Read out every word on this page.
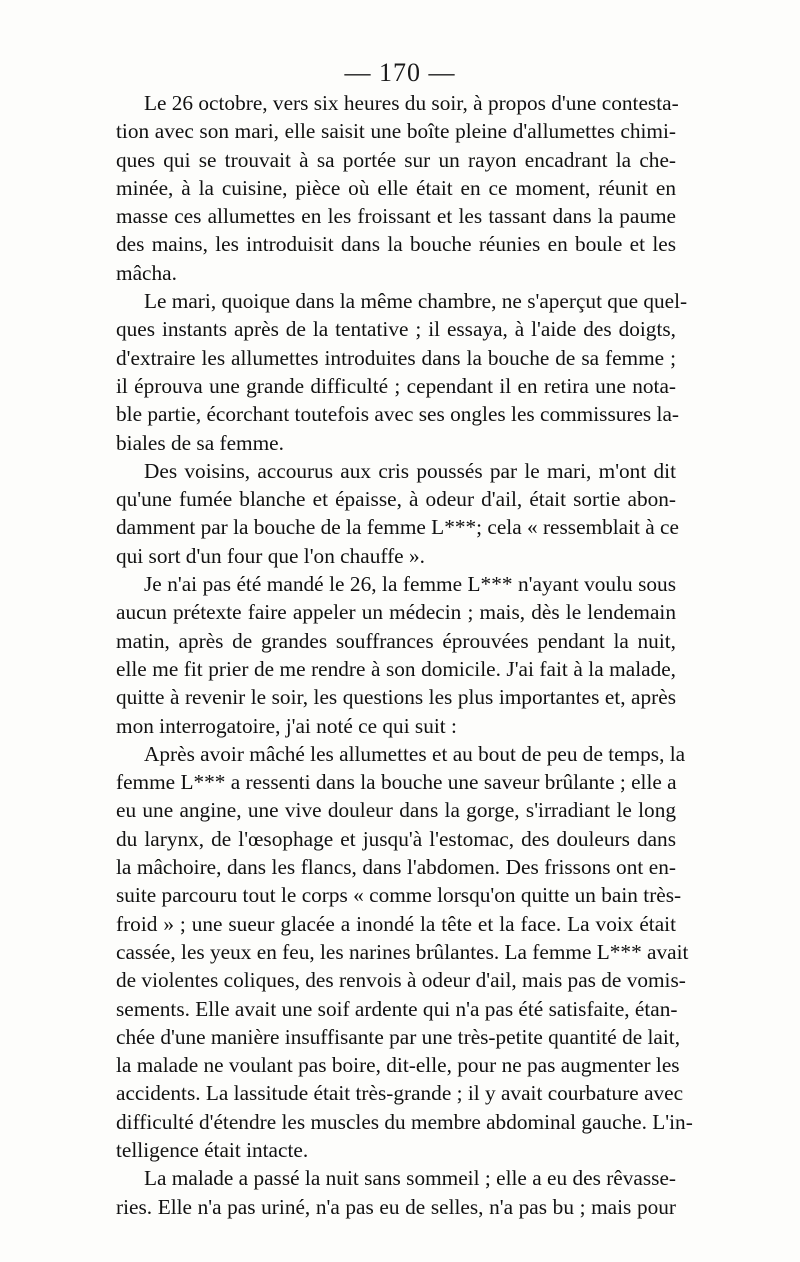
— 170 —
Le 26 octobre, vers six heures du soir, à propos d'une contesta-
tion avec son mari, elle saisit une boîte pleine d'allumettes chimi-
ques qui se trouvait à sa portée sur un rayon encadrant la che-
minée, à la cuisine, pièce où elle était en ce moment, réunit en
masse ces allumettes en les froissant et les tassant dans la paume
des mains, les introduisit dans la bouche réunies en boule et les
mâcha.
Le mari, quoique dans la même chambre, ne s'aperçut que quel-
ques instants après de la tentative ; il essaya, à l'aide des doigts,
d'extraire les allumettes introduites dans la bouche de sa femme ;
il éprouva une grande difficulté ; cependant il en retira une nota-
ble partie, écorchant toutefois avec ses ongles les commissures la-
biales de sa femme.
Des voisins, accourus aux cris poussés par le mari, m'ont dit
qu'une fumée blanche et épaisse, à odeur d'ail, était sortie abon-
damment par la bouche de la femme L***; cela « ressemblait à ce
qui sort d'un four que l'on chauffe ».
Je n'ai pas été mandé le 26, la femme L*** n'ayant voulu sous
aucun prétexte faire appeler un médecin ; mais, dès le lendemain
matin, après de grandes souffrances éprouvées pendant la nuit,
elle me fit prier de me rendre à son domicile. J'ai fait à la malade,
quitte à revenir le soir, les questions les plus importantes et, après
mon interrogatoire, j'ai noté ce qui suit :
Après avoir mâché les allumettes et au bout de peu de temps, la
femme L*** a ressenti dans la bouche une saveur brûlante ; elle a
eu une angine, une vive douleur dans la gorge, s'irradiant le long
du larynx, de l'œsophage et jusqu'à l'estomac, des douleurs dans
la mâchoire, dans les flancs, dans l'abdomen. Des frissons ont en-
suite parcouru tout le corps « comme lorsqu'on quitte un bain très-
froid » ; une sueur glacée a inondé la tête et la face. La voix était
cassée, les yeux en feu, les narines brûlantes. La femme L*** avait
de violentes coliques, des renvois à odeur d'ail, mais pas de vomis-
sements. Elle avait une soif ardente qui n'a pas été satisfaite, étan-
chée d'une manière insuffisante par une très-petite quantité de lait,
la malade ne voulant pas boire, dit-elle, pour ne pas augmenter les
accidents. La lassitude était très-grande ; il y avait courbature avec
difficulté d'étendre les muscles du membre abdominal gauche. L'in-
telligence était intacte.
La malade a passé la nuit sans sommeil ; elle a eu des rêvasse-
ries. Elle n'a pas uriné, n'a pas eu de selles, n'a pas bu ; mais pour
